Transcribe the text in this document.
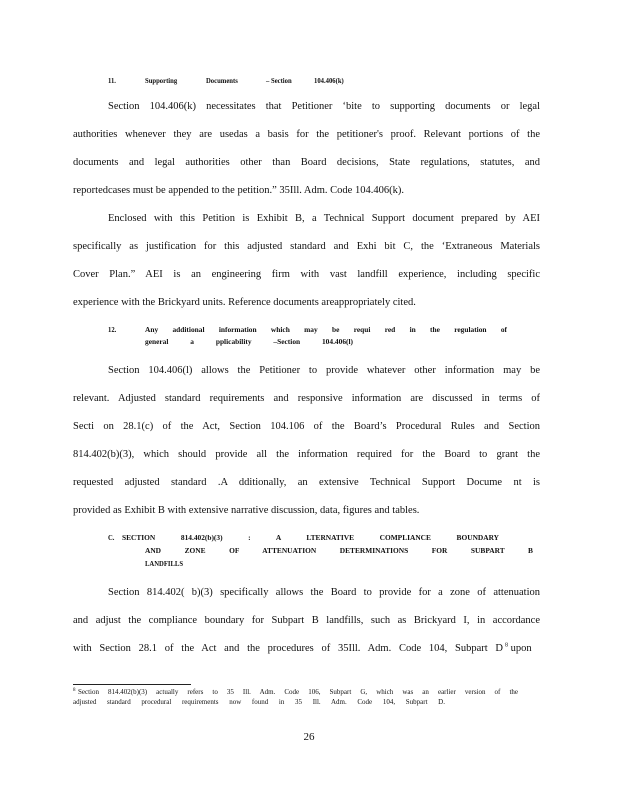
11.	Supporting	Documents	– Section	104.406(k)
Section 104.406(k) necessitates that Petitioner ‘bite to supporting documents or legal
authorities whenever they are usedas a basis for the petitioner's proof. Relevant portions of the
documents and legal authorities other than Board decisions, State regulations, statutes, and
reportedcases must be appended to the petition.” 35Ill. Adm. Code 104.406(k).
Enclosed with this Petition is Exhibit B, a Technical Support document prepared by AEI
specifically as justification for this adjusted standard and Exhi bit C, the ‘Extraneous Materials
Cover Plan.” AEI is an engineering firm with vast landfill experience, including specific
experience with the Brickyard units. Reference documents areappropriately cited.
12.	Any additional information which may be requi red in the regulation of
general a pplicability –Section 104.406(l)
Section 104.406(l) allows the Petitioner to provide whatever other information may be
relevant. Adjusted standard requirements and responsive information are discussed in terms of
Secti on 28.1(c) of the Act, Section 104.106 of the Board’s Procedural Rules and Section
814.402(b)(3), which should provide all the information required for the Board to grant the
requested adjusted standard .A dditionally, an extensive Technical Support Docume nt is
provided as Exhibit B with extensive narrative discussion, data, figures and tables.
C. SECTION 814.402(b)(3) : A LTERNATIVE COMPLIANCE BOUNDARY
AND ZONE OF ATTENUATION DETERMINATIONS FOR SUBPART B
LANDFILLS
Section 814.402( b)(3) specifically allows the Board to provide for a zone of attenuation
and adjust the compliance boundary for Subpart B landfills, such as Brickyard I, in accordance
with Section 28.1 of the Act and the procedures of 35Ill. Adm. Code 104, Subpart D $^8$ upon
8 Section 814.402(b)(3) actually refers to 35 Ill. Adm. Code 106, Subpart G, which was an earlier version of the
adjusted standard procedural requirements now found in 35 Ill. Adm. Code 104, Subpart D.
26
